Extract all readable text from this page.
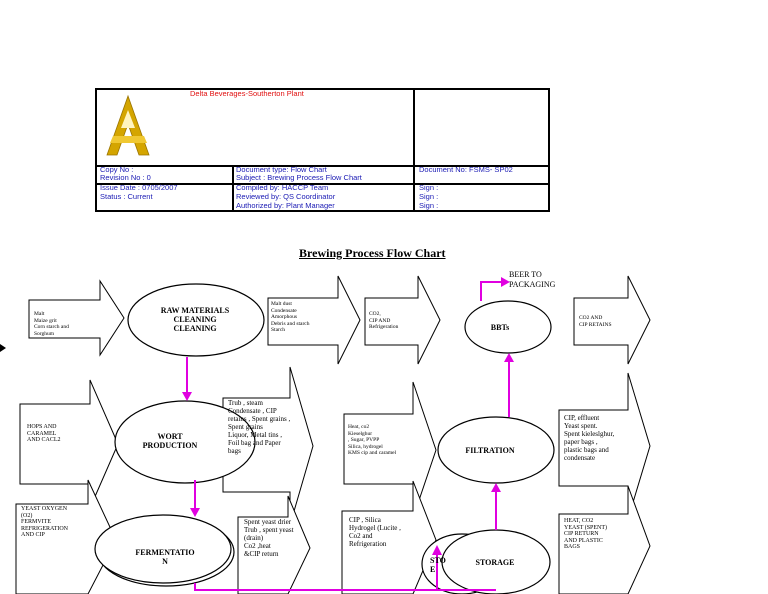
Delta Beverages-Southerton Plant
Copy No :
Revision No : 0
Issue Date : 0705/2007
Status : Current
Document type: Flow Chart
Subject : Brewing Process Flow Chart
Compiled by: HACCP Team
Reviewed by: QS Coordinator
Authorized by: Plant Manager
Document No: FSMS- SP02
Sign :
Sign :
Sign :
Brewing Process Flow Chart
RAW MATERIALS
CLEANING
CLEANING
WORT
PRODUCTION
FERMENTATIO
N
BBTs
FILTRATION
STORAGE
STO
E
BEER TO
PACKAGING
Malt
Maize grit
Corn starch and
Sorghum
HOPS AND
CARAMEL
AND CACL2
YEAST OXYGEN
(O2)
FERMVITE
REFRIGERATION
AND CIP
CO2,
CIP AND
Refrigeration
Heat, co2
Kieselghur
, Sugar, PVPP
Silica, hydrogel
KMS cip and caramel
CIP , Silica
Hydrogel (Lucite ,
Co2 and
Refrigeration
Malt dust
Condensate
Amorphous
Debris and starch
Starch
Trub , steam
Condensate , CIP
retains , Spent grains ,
Spent grains
Liquor, Metal tins ,
Foil bag and Paper
bags
Spent yeast drier
Trub , spent yeast
(drain)
Co2 ,heat
&CIP return
CO2 AND
CIP RETAINS
CIP, effluent
Yeast spent.
Spent kieleslghur,
paper bags ,
plastic bags and
condensate
HEAT, CO2
YEAST (SPENT)
CIP RETURN
AND PLASTIC
BAGS
